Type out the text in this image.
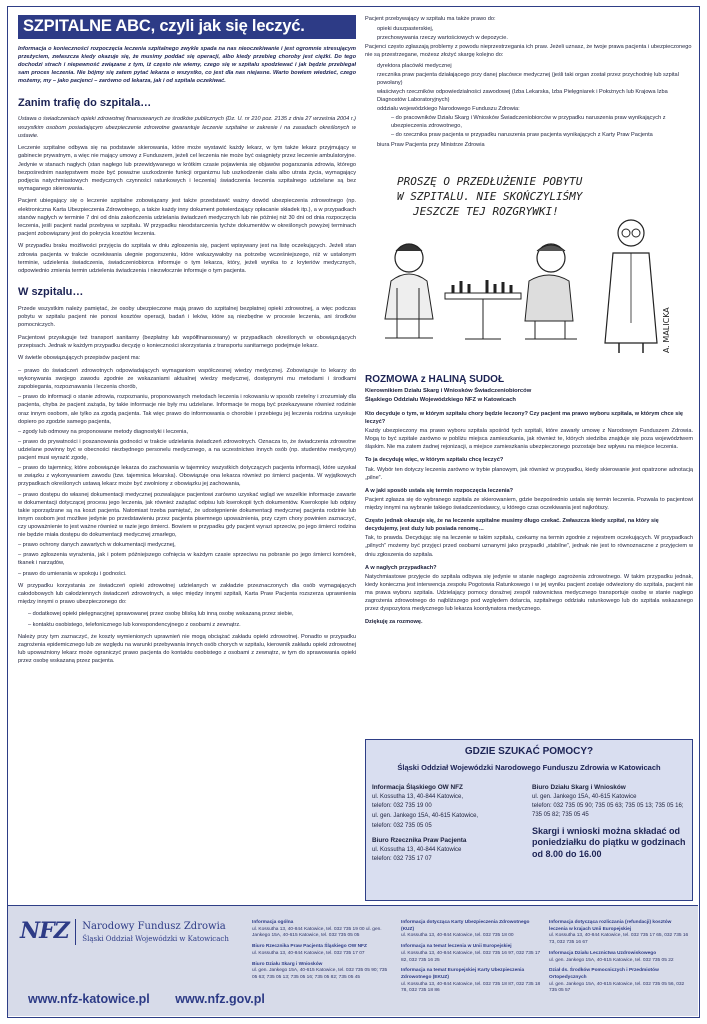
SZPITALNE ABC, czyli jak się leczyć.

Informacja o konieczności rozpoczęcia leczenia szpitalnego zwykle spada na nas nieoczekiwanie i jest ogromnie stresującym przeżyciem, zwłaszcza kiedy okazuje się, że musimy poddać się operacji, albo kiedy przebieg choroby jest ciężki. Do tego dochodzi strach i niepewność związane z tym, iż często nie wiemy, czego się w szpitalu spodziewać i jak będzie przebiegał sam proces leczenia. Nie bójmy się zatem pytać lekarza o wszystko, co jest dla nas niejasne. Warto bowiem wiedzieć, czego możemy, my – jako pacjenci – zarówno od lekarza, jak i od szpitala oczekiwać.

Zanim trafię do szpitala…

Ustawa o świadczeniach opieki zdrowotnej finansowanych ze środków publicznych (Dz. U. nr 210 poz. 2135 z dnia 27 września 2004 r.) wszystkim osobom posiadającym ubezpieczenie zdrowotne gwarantuje leczenie szpitalne w zakresie i na zasadach określonych w ustawie.

Leczenie szpitalne odbywa się na podstawie skierowania, które może wystawić każdy lekarz, w tym także lekarz przyjmujący w gabinecie prywatnym, a więc nie mający umowy z Funduszem, jeżeli cel leczenia nie może być osiągnięty przez leczenie ambulatoryjne. Jedynie w stanach nagłych (stan nagłego lub przewidywanego w krótkim czasie pojawienia się objawów pogarszania zdrowia, którego bezpośrednim następstwem może być poważne uszkodzenie funkcji organizmu lub uszkodzenie ciała albo utrata życia, wymagający podjęcia natychmiastowych medycznych czynności ratunkowych i leczenia) świadczenia leczenia szpitalnego udzielane są bez wymaganego skierowania.

Pacjent ubiegający się o leczenie szpitalne zobowiązany jest także przedstawić ważny dowód ubezpieczenia zdrowotnego (np. elektroniczna Karta Ubezpieczenia Zdrowotnego, a także każdy inny dokument potwierdzający opłacanie składek itp.), a w przypadkach stanów nagłych w terminie 7 dni od dnia zakończenia udzielania świadczeń medycznych lub nie później niż 30 dni od dnia rozpoczęcia leczenia, jeśli pacjent nadal przebywa w szpitalu. W przypadku nieodstarczenia tychże dokumentów w określonych powyżej terminach pacjent zobowiązany jest do pokrycia kosztów leczenia.

W przypadku braku możliwości przyjęcia do szpitala w dniu zgłoszenia się, pacjent wpisywany jest na listę oczekujących. Jeżeli stan zdrowia pacjenta w trakcie oczekiwania ulegnie pogorszeniu, które wskazywałoby na potrzebę wcześniejszego, niż w ustalonym terminie, udzielenia świadczenia, świadczeniobiorca informuje o tym lekarza, który, jeżeli wynika to z kryteriów medycznych, odpowiednio zmienia termin udzielenia świadczenia i niezwłocznie informuje o tym pacjenta.

W szpitalu…

Przede wszystkim należy pamiętać, że osoby ubezpieczone mają prawo do szpitalnej bezpłatnej opieki zdrowotnej, a więc podczas pobytu w szpitalu pacjent nie ponosi kosztów operacji, badań i leków, które są niezbędne w procesie leczenia, ani środków pomocniczych.

Pacjentowi przysługuje też transport sanitarny (bezpłatny lub współfinansowany) w przypadkach określonych w obowiązujących przepisach. Jednak w każdym przypadku decyzję o konieczności skorzystania z transportu sanitarnego podejmuje lekarz.

W świetle obowiązujących przepisów pacjent ma:

– prawo do świadczeń zdrowotnych odpowiadających wymaganiom współczesnej wiedzy medycznej. Zobowiązuje to lekarzy do wykonywania swojego zawodu zgodnie ze wskazaniami aktualnej wiedzy medycznej, dostępnymi mu metodami i środkami zapobiegania, rozpoznawania i leczenia chorób,
– prawo do informacji o stanie zdrowia, rozpoznaniu, proponowanych metodach leczenia i rokowaniu w sposób rzetelny i zrozumiały dla pacjenta, chyba że pacjent zażąda, by takie informacje nie były mu udzielane. Informacje te mogą być przekazywane również rodzinie oraz innym osobom, ale tylko za zgodą pacjenta. Tak więc prawo do informowania o chorobie i przebiegu jej leczenia rodzina uzyskuje dopiero po zgodzie samego pacjenta,
– zgody lub odmowy na proponowane metody diagnostyki i leczenia,
– prawo do prywatności i poszanowania godności w trakcie udzielania świadczeń zdrowotnych. Oznacza to, że świadczenia zdrowotne udzielane powinny być w obecności niezbędnego personelu medycznego, a na uczestnictwo innych osób (np. studentów medycyny) pacjent musi wyrazić zgodę,
– prawo do tajemnicy, które zobowiązuje lekarza do zachowania w tajemnicy wszystkich dotyczących pacjenta informacji, które uzyskał w związku z wykonywaniem zawodu (tzw. tajemnica lekarska). Obowiązuje ona lekarza również po śmierci pacjenta. W wyjątkowych przypadkach określonych ustawą lekarz może być zwolniony z obowiązku jej zachowania,
– prawo dostępu do własnej dokumentacji medycznej pozwalające pacjentowi zarówno uzyskać wgląd we wszelkie informacje zawarte w dokumentacji dotyczącej procesu jego leczenia, jak również zażądać odpisu lub kserokopii tych dokumentów. Kserokopie lub odpisy takie sporządzane są na koszt pacjenta. Natomiast trzeba pamiętać, że udostępnienie dokumentacji medycznej pacjenta rodzinie lub innym osobom jest możliwe jedynie po przedstawieniu przez pacjenta pisemnego upoważnienia, przy czym chory powinien zaznaczyć, czy upoważnienie to jest ważne również w razie jego śmierci. Bowiem w przypadku gdy pacjent wyrazi sprzeciw, po jego śmierci rodzina nie będzie miała dostępu do dokumentacji medycznej zmarłego,
– prawo ochrony danych zawartych w dokumentacji medycznej,
– prawo zgłoszenia wyrażenia, jak i potem późniejszego cofnięcia w każdym czasie sprzeciwu na pobranie po jego śmierci komórek, tkanek i narządów,
– prawo do umierania w spokoju i godności.

W przypadku korzystania ze świadczeń opieki zdrowotnej udzielanych w zakładzie przeznaczonych dla osób wymagających całodobowych lub całodziennych świadczeń zdrowotnych, a więc między innymi szpitali, Karta Praw Pacjenta rozszerza uprawnienia między innymi o prawo ubezpieczonego do:

– dodatkowej opieki pielęgnacyjnej sprawowanej przez osobę bliską lub inną osobę wskazaną przez siebie,
– kontaktu osobistego, telefonicznego lub korespondencyjnego z osobami z zewnątrz.

Należy przy tym zaznaczyć, że koszty wymienionych uprawnień nie mogą obciążać zakładu opieki zdrowotnej. Ponadto w przypadku zagrożenia epidemicznego lub ze względu na warunki przebywania innych osób chorych w szpitalu, kierownik zakładu opieki zdrowotnej lub upoważniony lekarz może ograniczyć prawo pacjenta do kontaktu osobistego z osobami z zewnątrz, w tym do sprawowania opieki przez osobę wskazaną przez pacjenta.

Pacjent przebywający w szpitalu ma także prawo do:

opieki duszpasterskiej,
przechowywania rzeczy wartościowych w depozycie.

Pacjenci często zgłaszają problemy z powodu nieprzestrzegania ich praw. Jeżeli uznasz, że twoje prawa pacjenta i ubezpieczonego nie są przestrzegane, możesz złożyć skargę kolejno do:

dyrektora placówki medycznej
rzecznika praw pacjenta działającego przy danej placówce medycznej (jeśli taki organ został przez przychodnię lub szpital powołany)
właściwych rzeczników odpowiedzialności zawodowej (Izba Lekarska, Izba Pielęgniarek i Położnych lub Krajowa Izba Diagnostów Laboratoryjnych)
oddziału wojewódzkiego Narodowego Funduszu Zdrowia:
– do pracowników Działu Skarg i Wniosków Świadczeniobiorców w przypadku naruszenia praw wynikających z ubezpieczenia zdrowotnego,
– do rzecznika praw pacjenta w przypadku naruszenia praw pacjenta wynikających z Karty Praw Pacjenta
biura Praw Pacjenta przy Ministrze Zdrowia
PROSZĘ O PRZEDŁUŻENIE POBYTU
W SZPITALU. NIE SKOŃCZYLIŚMY
JESZCZE TEJ ROZGRYWKI!
A. MALICKA
ROZMOWA z HALINĄ SUDOŁ
Kierownikiem Działu Skarg i Wniosków Świadczeniobiorców
Śląskiego Oddziału Wojewódzkiego NFZ w Katowicach
Kto decyduje o tym, w którym szpitalu chory będzie leczony? Czy pacjent ma prawo wyboru szpitala, w którym chce się leczyć?
Każdy ubezpieczony ma prawo wyboru szpitala spośród tych szpitali, które zawarły umowę z Narodowym Funduszem Zdrowia. Mogą to być szpitale zarówno w pobliżu miejsca zamieszkania, jak również te, których siedziba znajduje się poza województwem śląskim. Nie ma zatem żadnej rejonizacji, a miejsce zamieszkania ubezpieczonego pozostaje bez wpływu na miejsce leczenia.
To ja decyduję więc, w którym szpitalu chcę leczyć?
Tak. Wybór ten dotyczy leczenia zarówno w trybie planowym, jak również w przypadku, kiedy skierowanie jest opatrzone adnotacją „pilne”.
A w jaki sposób ustala się termin rozpoczęcia leczenia?
Pacjent zgłasza się do wybranego szpitala ze skierowaniem, gdzie bezpośrednio ustala się termin leczenia. Pozwala to pacjentowi między innymi na wybranie takiego świadczeniodawcy, u którego czas oczekiwania jest najkrótszy.
Często jednak okazuje się, że na leczenie szpitalne musimy długo czekać. Zwłaszcza kiedy szpital, na który się decydujemy, jest duży lub posiada renomę…
Tak, to prawda. Decydując się na leczenie w takim szpitalu, czekamy na termin zgodnie z rejestrem oczekujących. W przypadkach „pilnych” możemy być przyjęci przed osobami uznanymi jako przypadki „stabilne”, jednak nie jest to równoznaczne z przyjęciem w dniu zgłoszenia do szpitala.
A w nagłych przypadkach?
Natychmiastowe przyjęcie do szpitala odbywa się jedynie w stanie nagłego zagrożenia zdrowotnego. W takim przypadku jednak, kiedy konieczna jest interwencja zespołu Pogotowia Ratunkowego i w jej wyniku pacjent zostaje odwieziony do szpitala, pacjent nie ma prawa wyboru szpitala. Udzielający pomocy doraźnej zespół ratownictwa medycznego transportuje osobę w stanie nagłego zagrożenia zdrowotnego do najbliższego pod względem dotarcia, szpitalnego oddziału ratunkowego lub do szpitala wskazanego przez dyspozytora medycznego lub lekarza koordynatora medycznego.
Dziękuję za rozmowę.
GDZIE SZUKAĆ POMOCY?
Śląski Oddział Wojewódzki Narodowego Funduszu Zdrowia w Katowicach
Informacja Śląskiego OW NFZ
ul. Kossutha 13, 40-844 Katowice,
telefon: 032 735 19 00
ul. gen. Jankego 15A, 40-615 Katowice,
telefon: 032 735 05 05
Biuro Rzecznika Praw Pacjenta
ul. Kossutha 13, 40-844 Katowice
telefon: 032 735 17 07
Biuro Działu Skarg i Wniosków
ul. gen. Jankego 15A, 40-615 Katowice
telefon: 032 735 05 90; 735 05 63; 735 05 13; 735 05 16; 735 05 82; 735 05 45
Skargi i wnioski można składać od poniedziałku do piątku w godzinach od 8.00 do 16.00
NFZ Narodowy Fundusz Zdrowia
Śląski Oddział Wojewódzki w Katowicach
www.nfz-katowice.pl www.nfz.gov.pl
Informacja ogólna
ul. Kossutha 13, 40-844 Katowice, tel. 032 735 19 00 ul. gen. Jankego 15A, 40-615 Katowice, tel. 032 735 05 05
Biuro Rzecznika Praw Pacjenta Śląskiego OW NFZ
ul. Kossutha 13, 40-844 Katowice, tel. 032 735 17 07
Biuro Działu Skarg i Wniosków
ul. gen. Jankego 15A, 40-615 Katowice, tel. 032 735 05 90; 735 05 63; 735 05 13; 735 05 16; 735 05 82; 735 05 45
Informacja dotycząca Karty Ubezpieczenia Zdrowotnego (KUZ)
ul. Kossutha 13, 40-844 Katowice, tel. 032 735 18 00
Informacja na temat leczenia w Unii Europejskiej
ul. Kossutha 13, 40-844 Katowice, tel. 032 735 16 97, 032 735 17 82, 032 735 16 25
Informacja na temat Europejskiej Karty Ubezpieczenia Zdrowotnego (EKUZ)
ul. Kossutha 13, 40-844 Katowice, tel. 032 735 18 87, 032 735 18 78, 032 735 18 86
Informacja dotycząca rozliczania (refundacji) kosztów leczenia w krajach Unii Europejskiej
ul. Kossutha 13, 40-844 Katowice, tel. 032 735 17 65, 032 735 16 73, 032 735 16 67
Informacja Działu Lecznictwa Uzdrowiskowego
ul. gen. Jankego 15A, 40-615 Katowice, tel. 032 735 05 22
Dział ds. Środków Pomocniczych i Przedmiotów Ortopedycznych
ul. gen. Jankego 15A, 40-615 Katowice, tel. 032 735 05 56, 032 735 05 57
